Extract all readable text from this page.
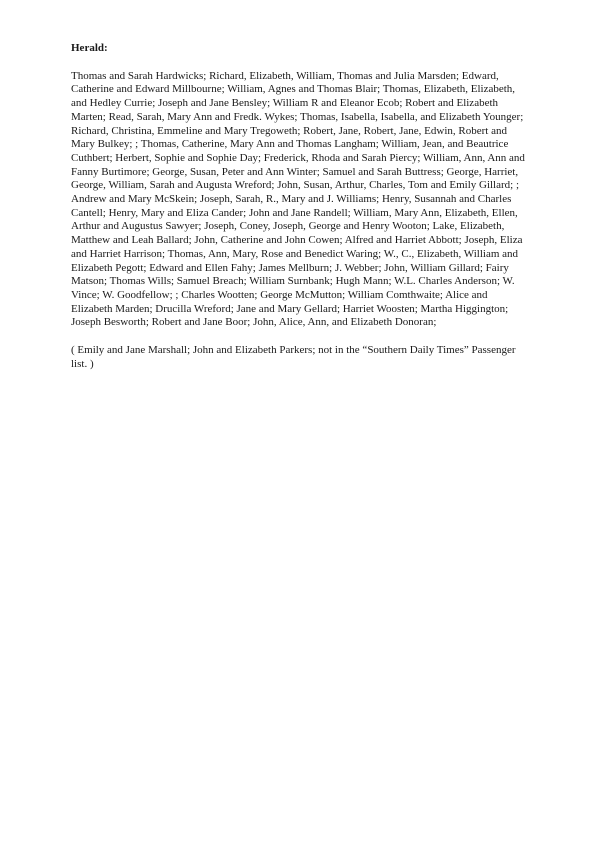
Herald:

Thomas and Sarah Hardwicks; Richard, Elizabeth, William, Thomas and Julia Marsden; Edward, Catherine and Edward Millbourne; William, Agnes and Thomas Blair; Thomas, Elizabeth, Elizabeth, and Hedley Currie; Joseph and Jane Bensley; William R and Eleanor Ecob; Robert and Elizabeth Marten; Read, Sarah, Mary Ann and Fredk. Wykes; Thomas, Isabella, Isabella, and Elizabeth Younger; Richard, Christina, Emmeline and Mary Tregoweth; Robert, Jane, Robert, Jane, Edwin, Robert and Mary Bulkey; ; Thomas, Catherine, Mary Ann and Thomas Langham; William, Jean, and Beautrice Cuthbert; Herbert, Sophie and Sophie Day; Frederick, Rhoda and Sarah Piercy; William, Ann, Ann and Fanny Burtimore; George, Susan, Peter and Ann Winter; Samuel and Sarah Buttress; George, Harriet, George, William, Sarah and Augusta Wreford; John, Susan, Arthur, Charles, Tom and Emily Gillard; ; Andrew and Mary McSkein; Joseph, Sarah, R., Mary and J. Williams; Henry, Susannah and Charles Cantell; Henry, Mary and Eliza Cander; John and Jane Randell; William, Mary Ann, Elizabeth, Ellen, Arthur and Augustus Sawyer; Joseph, Coney, Joseph, George and Henry Wooton; Lake, Elizabeth, Matthew and Leah Ballard; John, Catherine and John Cowen; Alfred and Harriet Abbott; Joseph, Eliza and Harriet Harrison; Thomas, Ann, Mary, Rose and Benedict Waring; W., C., Elizabeth, William and Elizabeth Pegott; Edward and Ellen Fahy; James Mellburn; J. Webber; John, William Gillard; Fairy Matson; Thomas Wills; Samuel Breach; William Surnbank; Hugh Mann; W.L. Charles Anderson; W. Vince; W. Goodfellow; ; Charles Wootten; George McMutton; William Comthwaite; Alice and Elizabeth Marden; Drucilla Wreford; Jane and Mary Gellard; Harriet Woosten; Martha Higgington; Joseph Besworth; Robert and Jane Boor; John, Alice, Ann, and Elizabeth Donoran;

( Emily and Jane Marshall; John and Elizabeth Parkers; not in the “Southern Daily Times” Passenger list. )
